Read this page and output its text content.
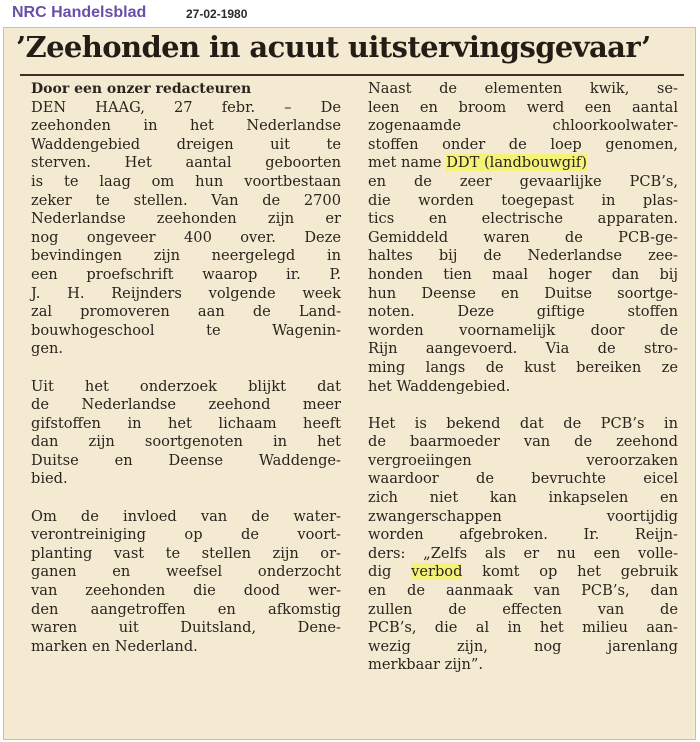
NRC Handelsblad	27-02-1980
’Zeehonden in acuut uitstervingsgevaar’
Door een onzer redacteuren
DEN HAAG, 27 febr. – De
zeehonden in het Nederlandse
Waddengebied dreigen uit te
sterven. Het aantal geboorten
is te laag om hun voortbestaan
zeker te stellen. Van de 2700
Nederlandse zeehonden zijn er
nog ongeveer 400 over. Deze
bevindingen zijn neergelegd in
een proefschrift waarop ir. P.
J. H. Reijnders volgende week
zal promoveren aan de Land-
bouwhogeschool te Wagenin-
gen.
Uit het onderzoek blijkt dat
de Nederlandse zeehond meer
gifstoffen in het lichaam heeft
dan zijn soortgenoten in het
Duitse en Deense Waddenge-
bied.
Om de invloed van de water-
verontreiniging op de voort-
planting vast te stellen zijn or-
ganen en weefsel onderzocht
van zeehonden die dood wer-
den aangetroffen en afkomstig
waren uit Duitsland, Dene-
marken en Nederland.
Naast de elementen kwik, se-
leen en broom werd een aantal
zogenaamde chloorkoolwater-
stoffen onder de loep genomen,
met name DDT (landbouwgif)
en de zeer gevaarlijke PCB’s,
die worden toegepast in plas-
tics en electrische apparaten.
Gemiddeld waren de PCB-ge-
haltes bij de Nederlandse zee-
honden tien maal hoger dan bij
hun Deense en Duitse soortge-
noten. Deze giftige stoffen
worden voornamelijk door de
Rijn aangevoerd. Via de stro-
ming langs de kust bereiken ze
het Waddengebied.
Het is bekend dat de PCB’s in
de baarmoeder van de zeehond
vergroeiingen veroorzaken
waardoor de bevruchte eicel
zich niet kan inkapselen en
zwangerschappen voortijdig
worden afgebroken. Ir. Reijn-
ders: „Zelfs als er nu een volle-
dig verbod komt op het gebruik
en de aanmaak van PCB’s, dan
zullen de effecten van de
PCB’s, die al in het milieu aan-
wezig zijn, nog jarenlang
merkbaar zijn”.
